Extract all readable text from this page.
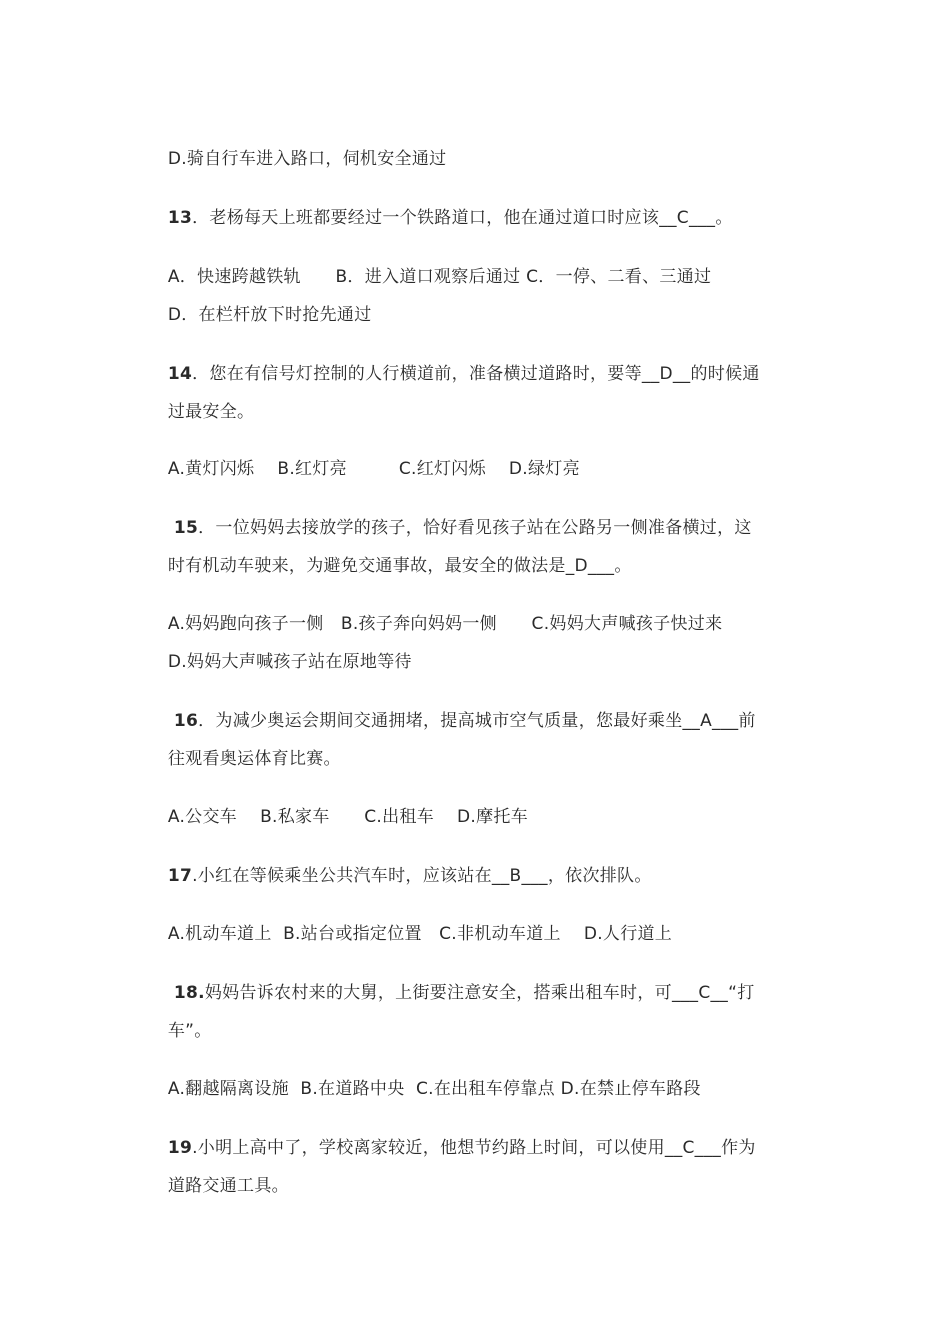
D.骑自行车进入路口，伺机安全通过

13．老杨每天上班都要经过一个铁路道口，他在通过道口时应该__C___。

A．快速跨越铁轨　　B．进入道口观察后通过 C．一停、二看、三通过

D．在栏杆放下时抢先通过

14．您在有信号灯控制的人行横道前，准备横过道路时，要等__D__的时候通

过最安全。

A.黄灯闪烁　 B.红灯亮　　　C.红灯闪烁　 D.绿灯亮

15．一位妈妈去接放学的孩子，恰好看见孩子站在公路另一侧准备横过，这

时有机动车驶来，为避免交通事故，最安全的做法是_D___。

A.妈妈跑向孩子一侧　B.孩子奔向妈妈一侧　　C.妈妈大声喊孩子快过来

D.妈妈大声喊孩子站在原地等待

16．为减少奥运会期间交通拥堵，提高城市空气质量，您最好乘坐__A___前

往观看奥运体育比赛。

A.公交车　 B.私家车　　C.出租车　 D.摩托车

17.小红在等候乘坐公共汽车时，应该站在__B___，依次排队。

A.机动车道上  B.站台或指定位置　C.非机动车道上　 D.人行道上

18.妈妈告诉农村来的大舅，上街要注意安全，搭乘出租车时，可___C__“打

车”。

A.翻越隔离设施  B.在道路中央  C.在出租车停靠点 D.在禁止停车路段

19.小明上高中了，学校离家较近，他想节约路上时间，可以使用__C___作为

道路交通工具。
